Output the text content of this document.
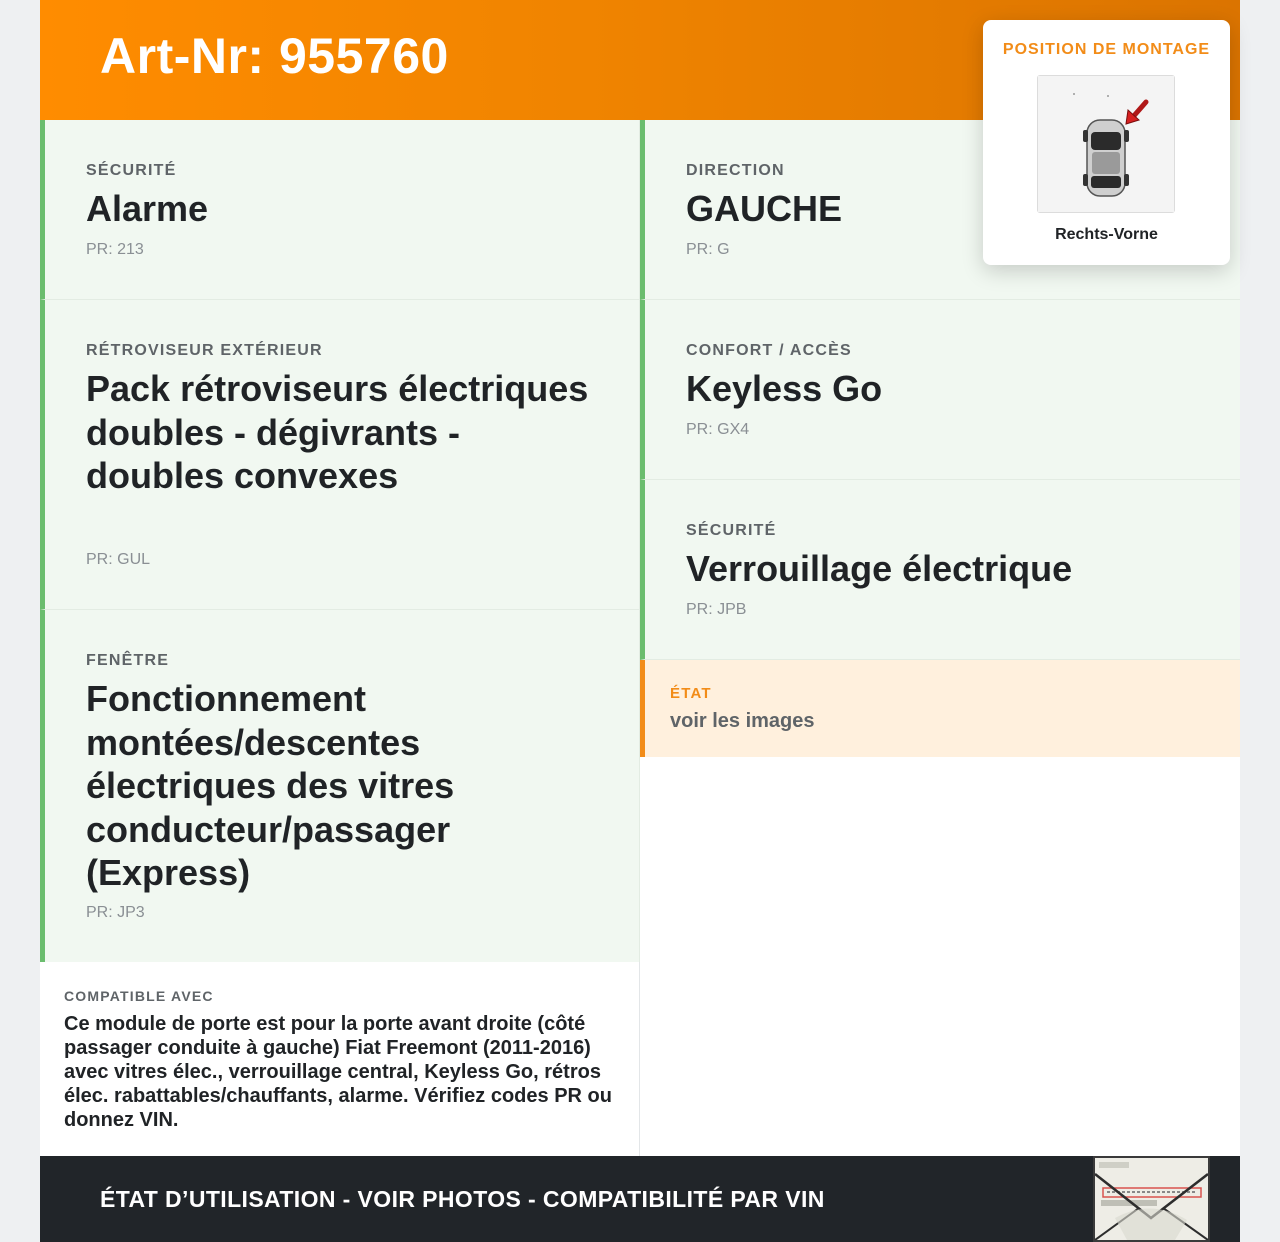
Art-Nr: 955760
SÉCURITÉ
Alarme
PR: 213
RÉTROVISEUR EXTÉRIEUR
Pack rétroviseurs électriques doubles - dégivrants - doubles convexes
PR: GUL
FENÊTRE
Fonctionnement montées/descentes électriques des vitres conducteur/passager (Express)
PR: JP3
DIRECTION
GAUCHE
PR: G
CONFORT / ACCÈS
Keyless Go
PR: GX4
SÉCURITÉ
Verrouillage électrique
PR: JPB
ÉTAT
voir les images
COMPATIBLE AVEC

Ce module de porte est pour la porte avant droite (côté passager conduite à gauche) Fiat Freemont (2011-2016) avec vitres élec., verrouillage central, Keyless Go, rétros élec. rabattables/chauffants, alarme. Vérifiez codes PR ou donnez VIN.

ÉTAT D’UTILISATION - VOIR PHOTOS - COMPATIBILITÉ PAR VIN
POSITION DE MONTAGE
Rechts-Vorne
